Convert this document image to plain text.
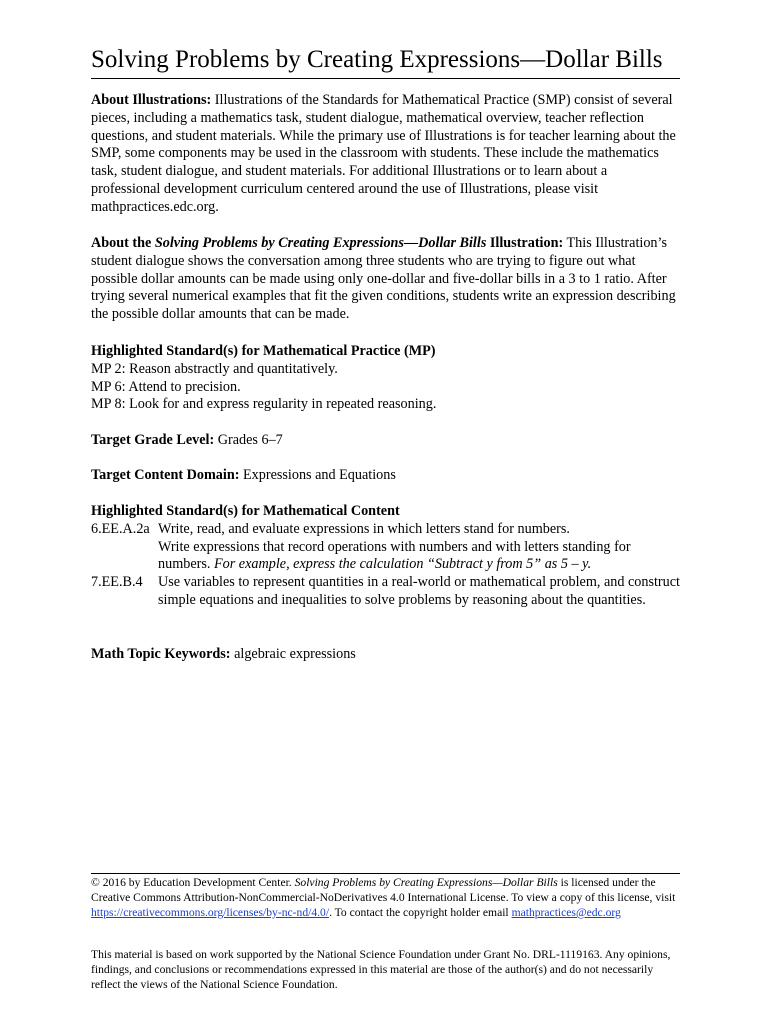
Solving Problems by Creating Expressions—Dollar Bills
About Illustrations: Illustrations of the Standards for Mathematical Practice (SMP) consist of several pieces, including a mathematics task, student dialogue, mathematical overview, teacher reflection questions, and student materials. While the primary use of Illustrations is for teacher learning about the SMP, some components may be used in the classroom with students. These include the mathematics task, student dialogue, and student materials. For additional Illustrations or to learn about a professional development curriculum centered around the use of Illustrations, please visit mathpractices.edc.org.
About the Solving Problems by Creating Expressions—Dollar Bills Illustration: This Illustration’s student dialogue shows the conversation among three students who are trying to figure out what possible dollar amounts can be made using only one-dollar and five-dollar bills in a 3 to 1 ratio. After trying several numerical examples that fit the given conditions, students write an expression describing the possible dollar amounts that can be made.
Highlighted Standard(s) for Mathematical Practice (MP)
MP 2: Reason abstractly and quantitatively.
MP 6: Attend to precision.
MP 8: Look for and express regularity in repeated reasoning.
Target Grade Level: Grades 6–7
Target Content Domain: Expressions and Equations
Highlighted Standard(s) for Mathematical Content
6.EE.A.2a Write, read, and evaluate expressions in which letters stand for numbers.
Write expressions that record operations with numbers and with letters standing for numbers. For example, express the calculation “Subtract y from 5” as 5 – y.
7.EE.B.4	Use variables to represent quantities in a real-world or mathematical problem, and construct simple equations and inequalities to solve problems by reasoning about the quantities.
Math Topic Keywords: algebraic expressions
© 2016 by Education Development Center. Solving Problems by Creating Expressions—Dollar Bills is licensed under the Creative Commons Attribution-NonCommercial-NoDerivatives 4.0 International License. To view a copy of this license, visit https://creativecommons.org/licenses/by-nc-nd/4.0/. To contact the copyright holder email mathpractices@edc.org
This material is based on work supported by the National Science Foundation under Grant No. DRL-1119163. Any opinions, findings, and conclusions or recommendations expressed in this material are those of the author(s) and do not necessarily reflect the views of the National Science Foundation.
